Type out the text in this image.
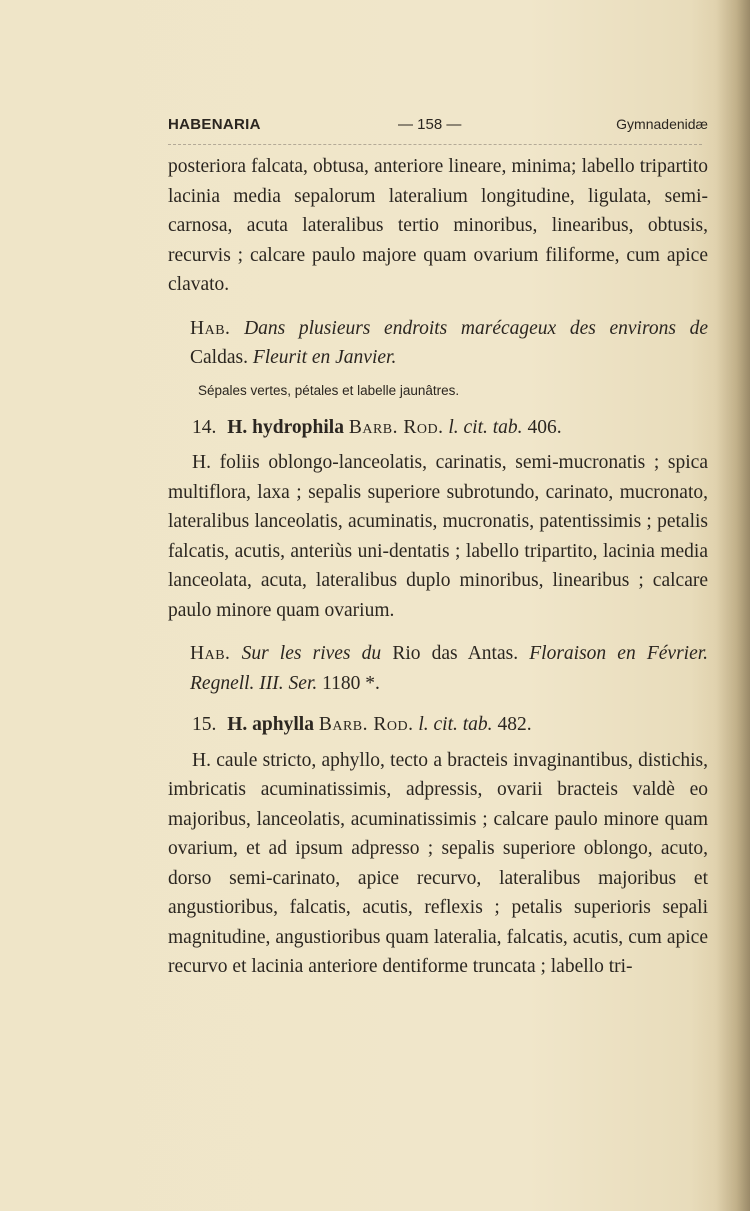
HABENARIA	— 158 —	Gymnadenidæ

posteriora falcata, obtusa, anteriore lineare, minima; labello tripartito lacinia media sepalorum lateralium longitudine, ligulata, semi-carnosa, acuta lateralibus tertio minoribus, linearibus, obtusis, recurvis ; calcare paulo majore quam ovarium filiforme, cum apice clavato.

Hab. Dans plusieurs endroits marécageux des environs de Caldas. Fleurit en Janvier.

Sépales vertes, pétales et labelle jaunâtres.

14. H. hydrophila Barb. Rod. l. cit. tab. 406.

H. foliis oblongo-lanceolatis, carinatis, semi-mucronatis ; spica multiflora, laxa ; sepalis superiore subrotundo, carinato, mucronato, lateralibus lanceolatis, acuminatis, mucronatis, patentissimis ; petalis falcatis, acutis, anteriùs uni-dentatis ; labello tripartito, lacinia media lanceolata, acuta, lateralibus duplo minoribus, linearibus ; calcare paulo minore quam ovarium.

Hab. Sur les rives du Rio das Antas. Floraison en Février. Regnell. III. Ser. 1180 *.

15. H. aphylla Barb. Rod. l. cit. tab. 482.

H. caule stricto, aphyllo, tecto a bracteis invaginantibus, distichis, imbricatis acuminatissimis, adpressis, ovarii bracteis valdè eo majoribus, lanceolatis, acuminatissimis ; calcare paulo minore quam ovarium, et ad ipsum adpresso ; sepalis superiore oblongo, acuto, dorso semi-carinato, apice recurvo, lateralibus majoribus et angustioribus, falcatis, acutis, reflexis ; petalis superioris sepali magnitudine, angustioribus quam lateralia, falcatis, acutis, cum apice recurvo et lacinia anteriore dentiforme truncata ; labello tri-
